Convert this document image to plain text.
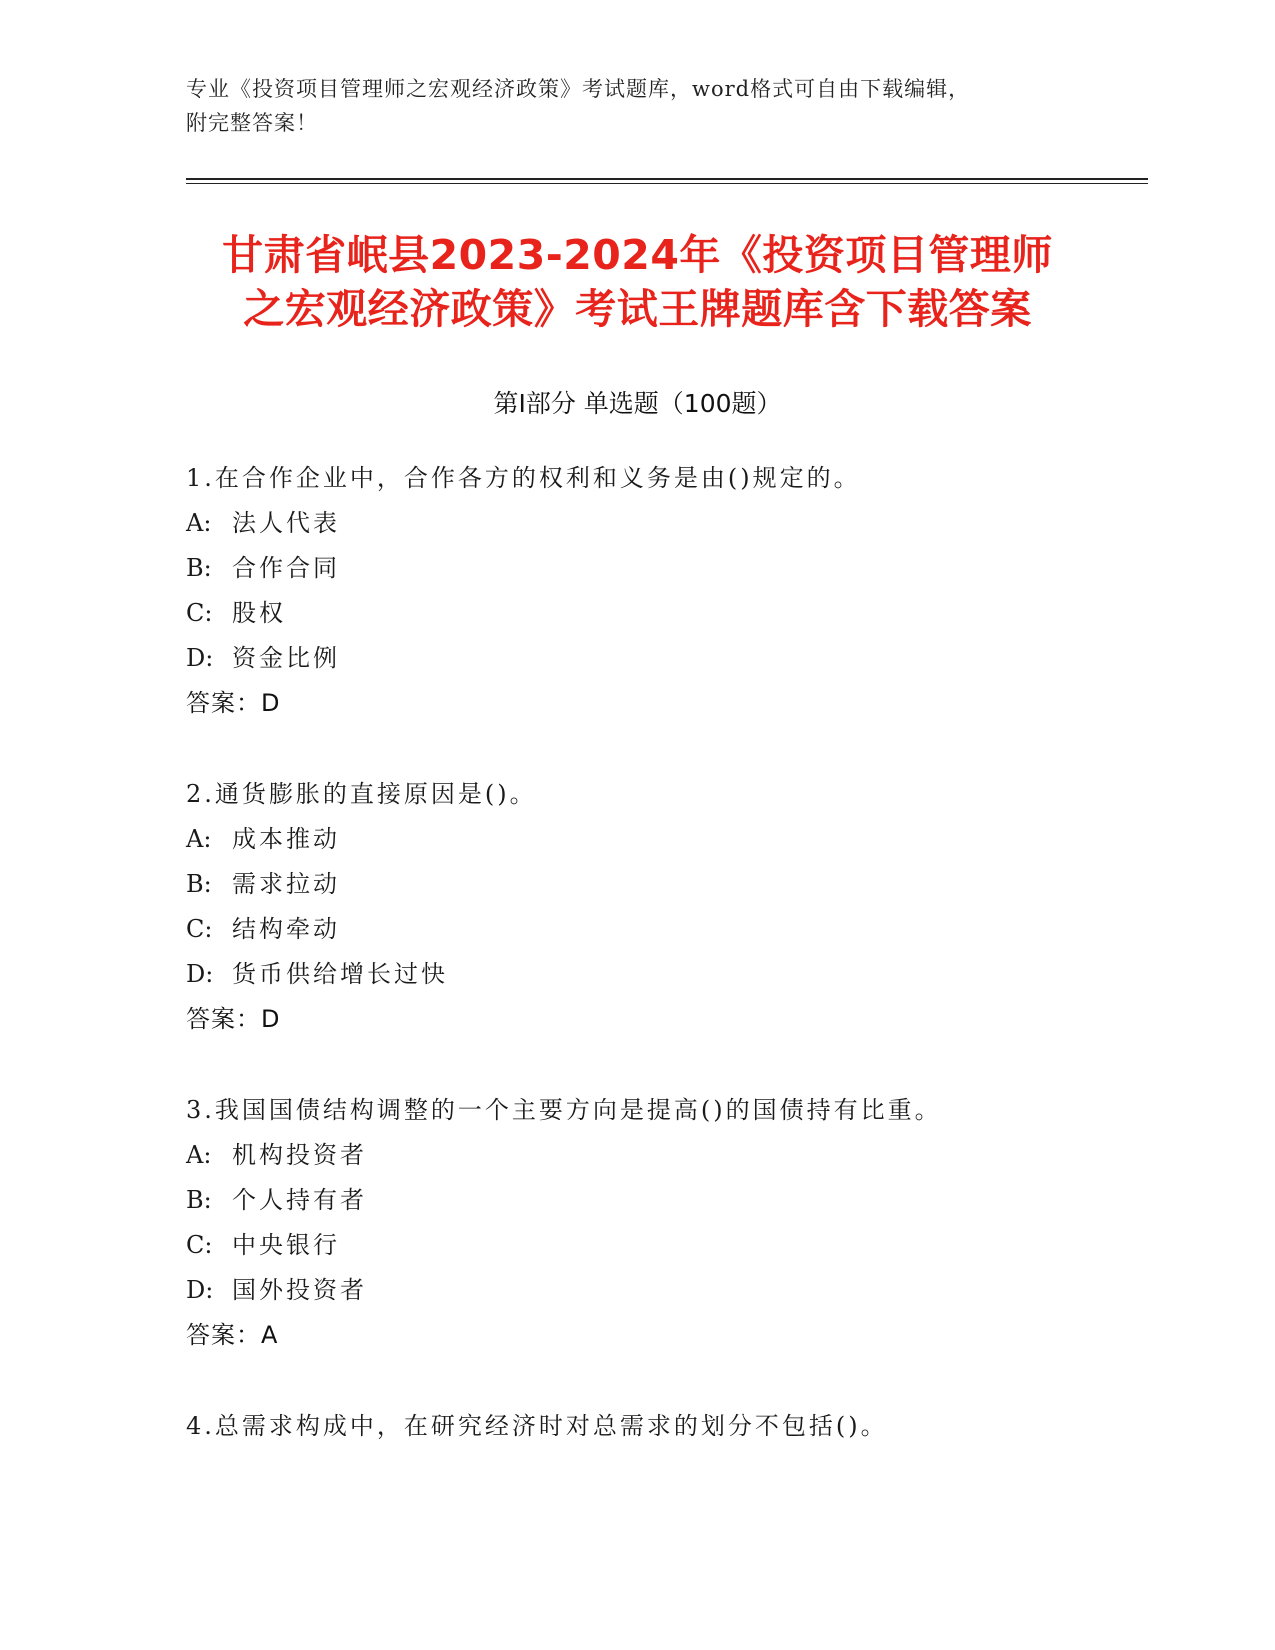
专业《投资项目管理师之宏观经济政策》考试题库，word格式可自由下载编辑，
附完整答案！
甘肃省岷县2023-2024年《投资项目管理师
之宏观经济政策》考试王牌题库含下载答案
第Ⅰ部分 单选题（100题）
1.在合作企业中，合作各方的权利和义务是由()规定的。
A: 法人代表
B: 合作合同
C: 股权
D: 资金比例
答案：D
2.通货膨胀的直接原因是()。
A: 成本推动
B: 需求拉动
C: 结构牵动
D: 货币供给增长过快
答案：D
3.我国国债结构调整的一个主要方向是提高()的国债持有比重。
A: 机构投资者
B: 个人持有者
C: 中央银行
D: 国外投资者
答案：A
4.总需求构成中，在研究经济时对总需求的划分不包括()。
